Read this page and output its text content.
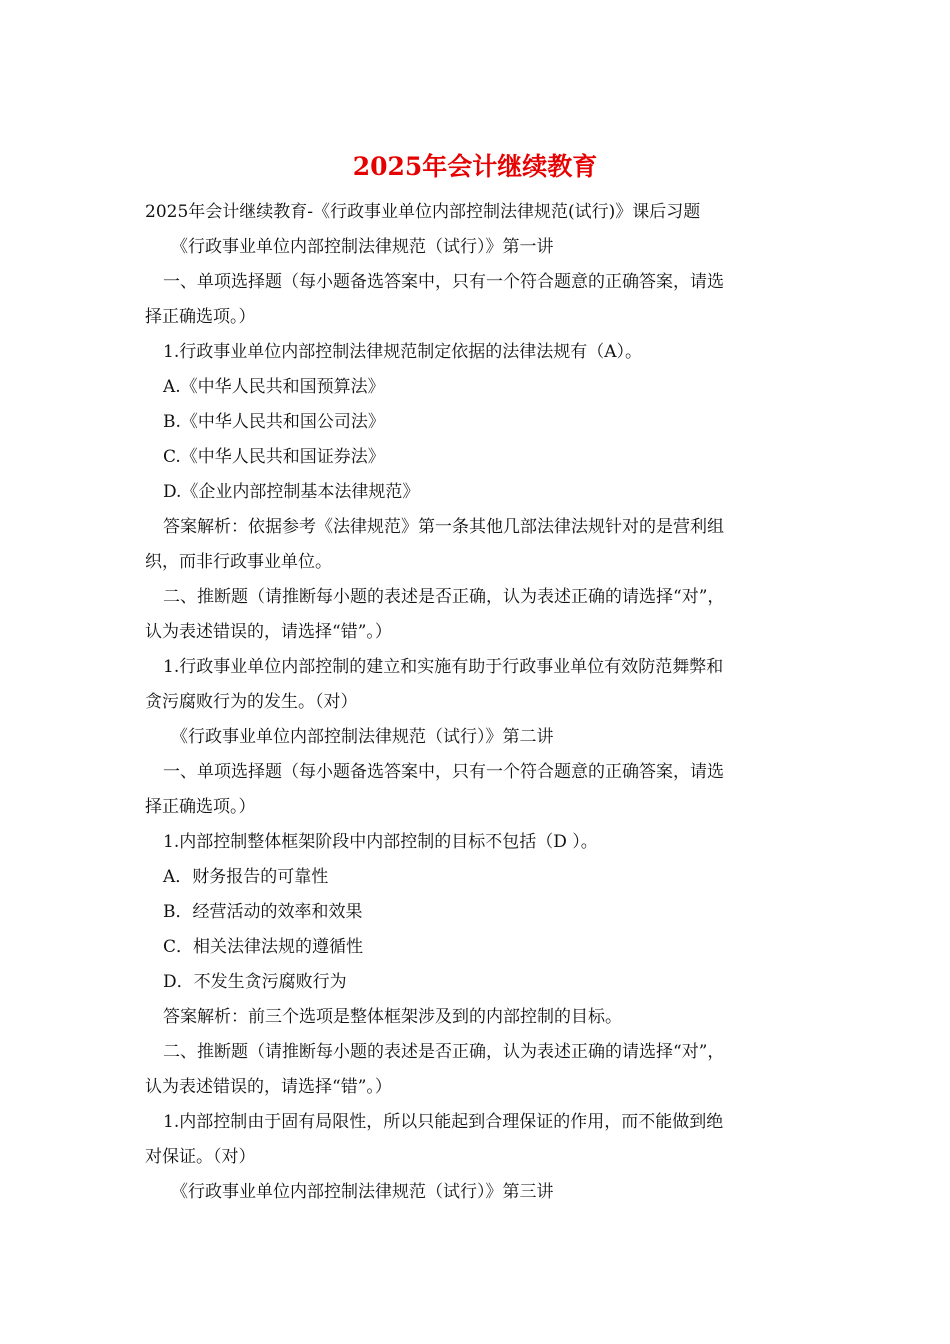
2025年会计继续教育

2025年会计继续教育-《行政事业单位内部控制法律规范(试行)》课后习题

《行政事业单位内部控制法律规范（试行）》第一讲

一、单项选择题（每小题备选答案中，只有一个符合题意的正确答案，请选

择正确选项。）

1.行政事业单位内部控制法律规范制定依据的法律法规有（A）。

A.《中华人民共和国预算法》

B.《中华人民共和国公司法》

C.《中华人民共和国证券法》

D.《企业内部控制基本法律规范》

答案解析：依据参考《法律规范》第一条其他几部法律法规针对的是营利组

织，而非行政事业单位。

二、推断题（请推断每小题的表述是否正确，认为表述正确的请选择“对”，

认为表述错误的，请选择“错”。）

1.行政事业单位内部控制的建立和实施有助于行政事业单位有效防范舞弊和

贪污腐败行为的发生。（对）

《行政事业单位内部控制法律规范（试行）》第二讲

一、单项选择题（每小题备选答案中，只有一个符合题意的正确答案，请选

择正确选项。）

1.内部控制整体框架阶段中内部控制的目标不包括（D ）。

A．财务报告的可靠性

B．经营活动的效率和效果

C．相关法律法规的遵循性

D．不发生贪污腐败行为

答案解析：前三个选项是整体框架涉及到的内部控制的目标。

二、推断题（请推断每小题的表述是否正确，认为表述正确的请选择“对”，

认为表述错误的，请选择“错”。）

1.内部控制由于固有局限性，所以只能起到合理保证的作用，而不能做到绝

对保证。（对）

《行政事业单位内部控制法律规范（试行）》第三讲
